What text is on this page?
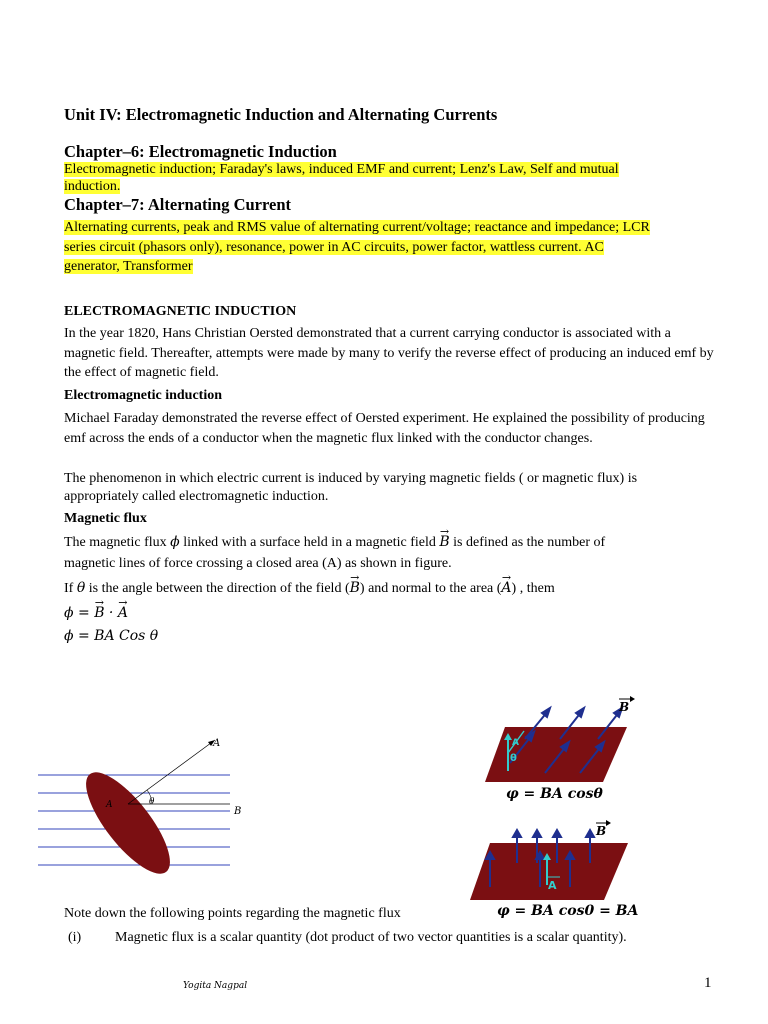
Unit IV: Electromagnetic Induction and Alternating Currents
Chapter–6: Electromagnetic Induction
Electromagnetic induction; Faraday's laws, induced EMF and current; Lenz's Law, Self and mutual
induction.
Chapter–7: Alternating Current
Alternating currents, peak and RMS value of alternating current/voltage; reactance and impedance; LCR
series circuit (phasors only), resonance, power in AC circuits, power factor, wattless current. AC
generator, Transformer
ELECTROMAGNETIC INDUCTION
In the year 1820, Hans Christian Oersted demonstrated that a current carrying conductor is associated with a magnetic field. Thereafter, attempts were made by many to verify the reverse effect of producing an induced emf by the effect of magnetic field.
Electromagnetic induction
Michael Faraday demonstrated the reverse effect of Oersted experiment. He explained the possibility of producing emf across the ends of a conductor when the magnetic flux linked with the conductor changes.
The phenomenon in which electric current is induced by varying magnetic fields ( or magnetic flux) is appropriately called electromagnetic induction.
Magnetic flux
The magnetic flux ϕ linked with a surface held in a magnetic field → B is defined as the number of
magnetic lines of force crossing a closed area (A) as shown in figure.
If θ is the angle between the direction of the field (→ B) and normal to the area (→ A) , them
ϕ = → B · → A
ϕ = BA Cos θ
A
A	θ
B
B
A
θ
φ = BA cosθ
B
A
Note down the following points regarding the magnetic flux	φ = BA cos0 = BA
(i) Magnetic flux is a scalar quantity (dot product of two vector quantities is a scalar quantity).
Yogita Nagpal	1
